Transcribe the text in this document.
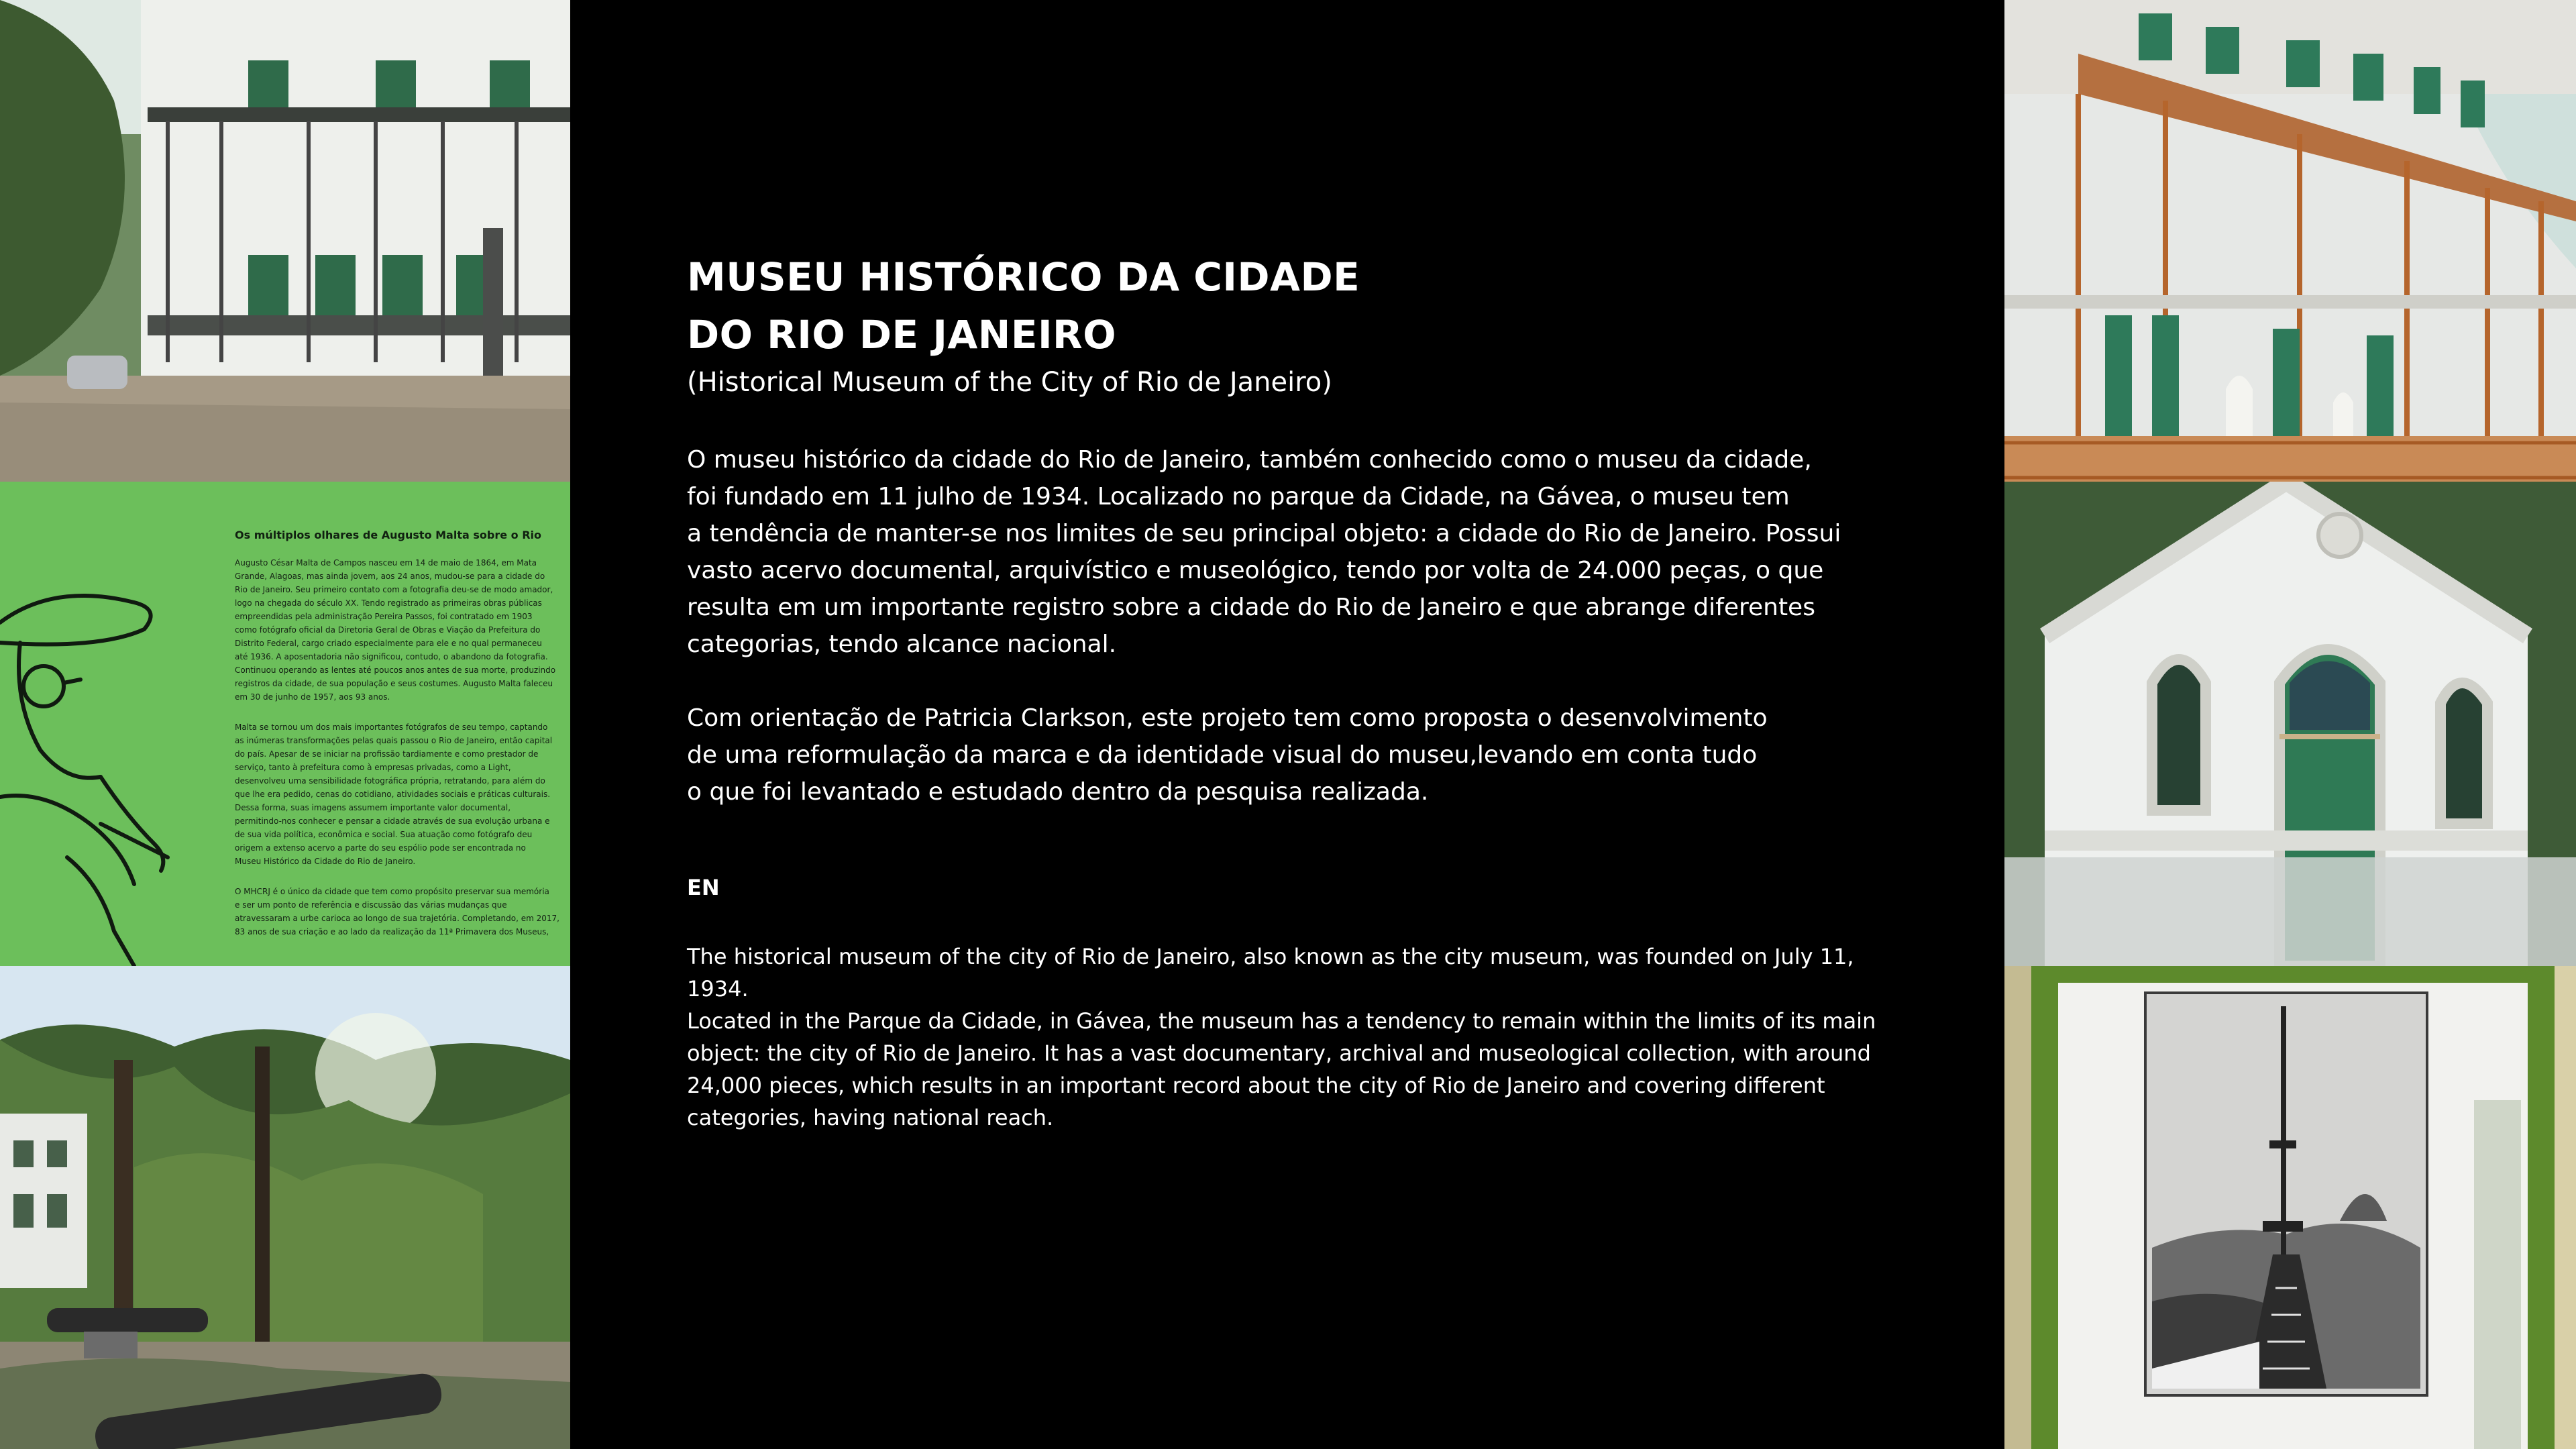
Os múltiplos olhares de Augusto Malta sobre o Rio
Augusto César Malta de Campos nasceu em 14 de maio de 1864, em Mata
Grande, Alagoas, mas ainda jovem, aos 24 anos, mudou-se para a cidade do
Rio de Janeiro. Seu primeiro contato com a fotografia deu-se de modo amador,
logo na chegada do século XX. Tendo registrado as primeiras obras públicas
empreendidas pela administração Pereira Passos, foi contratado em 1903
como fotógrafo oficial da Diretoria Geral de Obras e Viação da Prefeitura do
Distrito Federal, cargo criado especialmente para ele e no qual permaneceu
até 1936. A aposentadoria não significou, contudo, o abandono da fotografia.
Continuou operando as lentes até poucos anos antes de sua morte, produzindo
registros da cidade, de sua população e seus costumes. Augusto Malta faleceu
em 30 de junho de 1957, aos 93 anos.
Malta se tornou um dos mais importantes fotógrafos de seu tempo, captando
as inúmeras transformações pelas quais passou o Rio de Janeiro, então capital
do país. Apesar de se iniciar na profissão tardiamente e como prestador de
serviço, tanto à prefeitura como à empresas privadas, como a Light,
desenvolveu uma sensibilidade fotográfica própria, retratando, para além do
que lhe era pedido, cenas do cotidiano, atividades sociais e práticas culturais.
Dessa forma, suas imagens assumem importante valor documental,
permitindo-nos conhecer e pensar a cidade através de sua evolução urbana e
de sua vida política, econômica e social. Sua atuação como fotógrafo deu
origem a extenso acervo a parte do seu espólio pode ser encontrada no
Museu Histórico da Cidade do Rio de Janeiro.
O MHCRJ é o único da cidade que tem como propósito preservar sua memória
e ser um ponto de referência e discussão das várias mudanças que
atravessaram a urbe carioca ao longo de sua trajetória. Completando, em 2017,
83 anos de sua criação e ao lado da realização da 11ª Primavera dos Museus,
MUSEU HISTÓRICO DA CIDADE
DO RIO DE JANEIRO

(Historical Museum of the City of Rio de Janeiro)

O museu histórico da cidade do Rio de Janeiro, também conhecido como o museu da cidade,
foi fundado em 11 julho de 1934. Localizado no parque da Cidade, na Gávea, o museu tem
a tendência de manter-se nos limites de seu principal objeto: a cidade do Rio de Janeiro. Possui
vasto acervo documental, arquivístico e museológico, tendo por volta de 24.000 peças, o que
resulta em um importante registro sobre a cidade do Rio de Janeiro e que abrange diferentes
categorias, tendo alcance nacional.

Com orientação de Patricia Clarkson, este projeto tem como proposta o desenvolvimento
de uma reformulação da marca e da identidade visual do museu,levando em conta tudo
o que foi levantado e estudado dentro da pesquisa realizada.

EN

The historical museum of the city of Rio de Janeiro, also known as the city museum, was founded on July 11, 1934.
Located in the Parque da Cidade, in Gávea, the museum has a tendency to remain within the limits of its main
object: the city of Rio de Janeiro. It has a vast documentary, archival and museological collection, with around
24,000 pieces, which results in an important record about the city of Rio de Janeiro and covering different
categories, having national reach.
